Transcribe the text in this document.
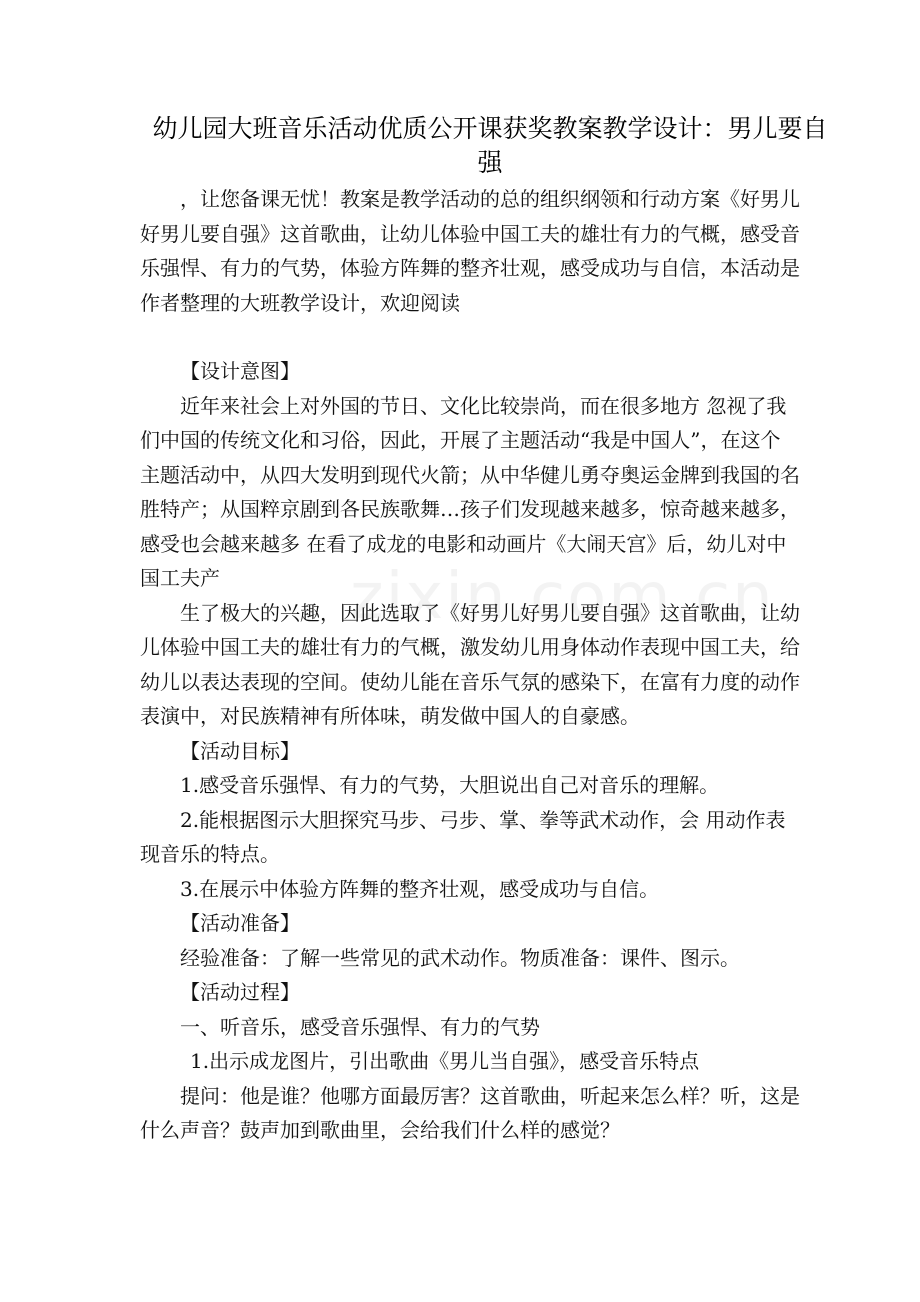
幼儿园大班音乐活动优质公开课获奖教案教学设计：男儿要自强

，让您备课无忧！教案是教学活动的总的组织纲领和行动方案《好男儿好男儿要自强》这首歌曲，让幼儿体验中国工夫的雄壮有力的气概，感受音乐强悍、有力的气势，体验方阵舞的整齐壮观，感受成功与自信，本活动是作者整理的大班教学设计，欢迎阅读

【设计意图】

近年来社会上对外国的节日、文化比较崇尚，而在很多地方 忽视了我们中国的传统文化和习俗，因此，开展了主题活动“我是中国人”，在这个主题活动中，从四大发明到现代火箭；从中华健儿勇夺奥运金牌到我国的名胜特产；从国粹京剧到各民族歌舞…孩子们发现越来越多，惊奇越来越多，感受也会越来越多 在看了成龙的电影和动画片《大闹天宫》后，幼儿对中国工夫产

生了极大的兴趣，因此选取了《好男儿好男儿要自强》这首歌曲，让幼儿体验中国工夫的雄壮有力的气概，激发幼儿用身体动作表现中国工夫，给幼儿以表达表现的空间。使幼儿能在音乐气氛的感染下，在富有力度的动作表演中，对民族精神有所体味，萌发做中国人的自豪感。

【活动目标】

1.感受音乐强悍、有力的气势，大胆说出自己对音乐的理解。

2.能根据图示大胆探究马步、弓步、掌、拳等武术动作，会 用动作表现音乐的特点。

3.在展示中体验方阵舞的整齐壮观，感受成功与自信。

【活动准备】

经验准备：了解一些常见的武术动作。物质准备：课件、图示。

【活动过程】

一、听音乐，感受音乐强悍、有力的气势

1.出示成龙图片，引出歌曲《男儿当自强》，感受音乐特点

提问：他是谁？他哪方面最厉害？这首歌曲，听起来怎么样？听，这是什么声音？鼓声加到歌曲里，会给我们什么样的感觉？
